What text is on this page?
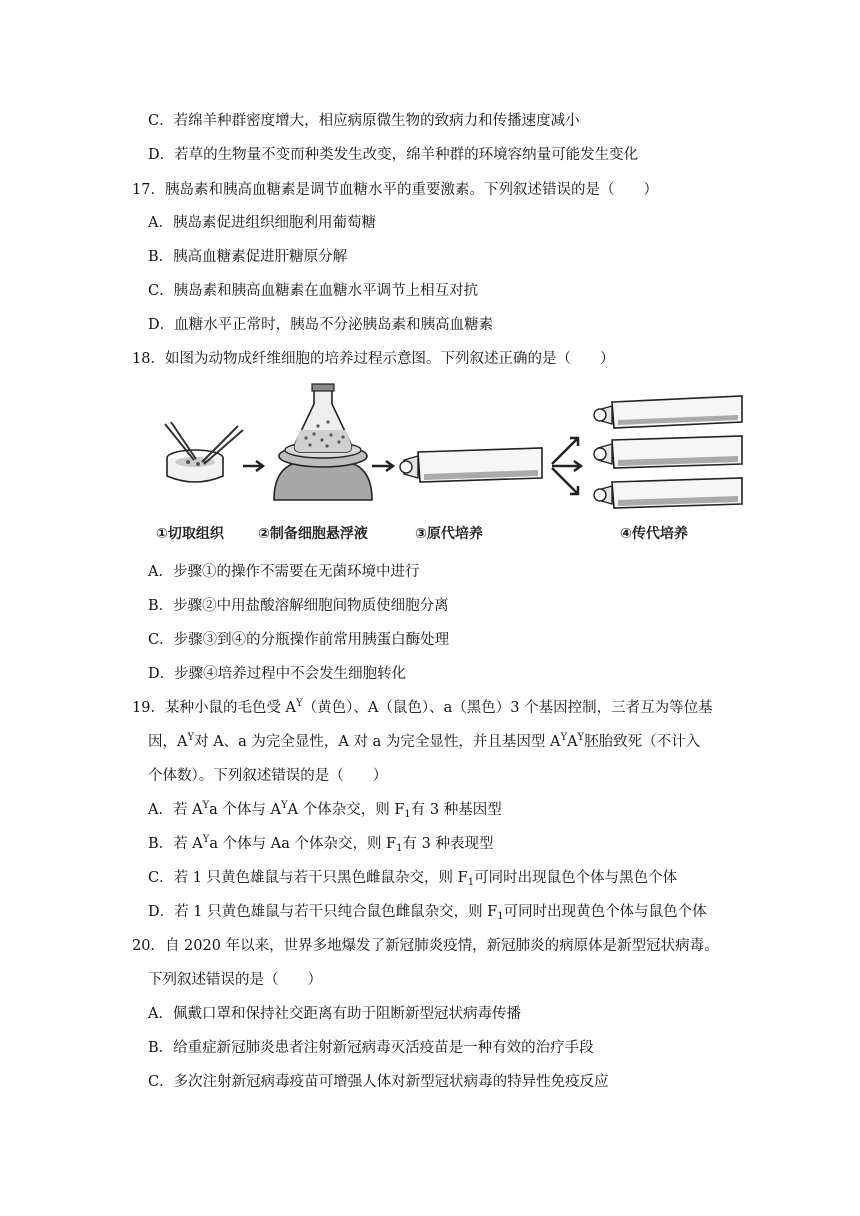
C．若绵羊种群密度增大，相应病原微生物的致病力和传播速度减小
D．若草的生物量不变而种类发生改变，绵羊种群的环境容纳量可能发生变化
17．胰岛素和胰高血糖素是调节血糖水平的重要激素。下列叙述错误的是（　　）
A．胰岛素促进组织细胞利用葡萄糖
B．胰高血糖素促进肝糖原分解
C．胰岛素和胰高血糖素在血糖水平调节上相互对抗
D．血糖水平正常时，胰岛不分泌胰岛素和胰高血糖素
18．如图为动物成纤维细胞的培养过程示意图。下列叙述正确的是（　　）
①切取组织 ②制备细胞悬浮液	③原代培养	④传代培养
A．步骤①的操作不需要在无菌环境中进行
B．步骤②中用盐酸溶解细胞间物质使细胞分离
C．步骤③到④的分瓶操作前常用胰蛋白酶处理
D．步骤④培养过程中不会发生细胞转化
19．某种小鼠的毛色受 $A^Y$（黄色）、A（鼠色）、a（黑色）3 个基因控制，三者互为等位基
因，$A^Y$对 A、a 为完全显性，A 对 a 为完全显性，并且基因型 $A^YA^Y$胚胎致死（不计入
个体数）。下列叙述错误的是（　　）
A．若 $A^Ya$ 个体与 $A^YA$ 个体杂交，则 $F_1$有 3 种基因型
B．若 $A^Ya$ 个体与 Aa 个体杂交，则 $F_1$有 3 种表现型
C．若 1 只黄色雄鼠与若干只黑色雌鼠杂交，则 $F_1$可同时出现鼠色个体与黑色个体
D．若 1 只黄色雄鼠与若干只纯合鼠色雌鼠杂交，则 $F_1$可同时出现黄色个体与鼠色个体
20．自 2020 年以来，世界多地爆发了新冠肺炎疫情，新冠肺炎的病原体是新型冠状病毒。
下列叙述错误的是（　　）
A．佩戴口罩和保持社交距离有助于阻断新型冠状病毒传播
B．给重症新冠肺炎患者注射新冠病毒灭活疫苗是一种有效的治疗手段
C．多次注射新冠病毒疫苗可增强人体对新型冠状病毒的特异性免疫反应
